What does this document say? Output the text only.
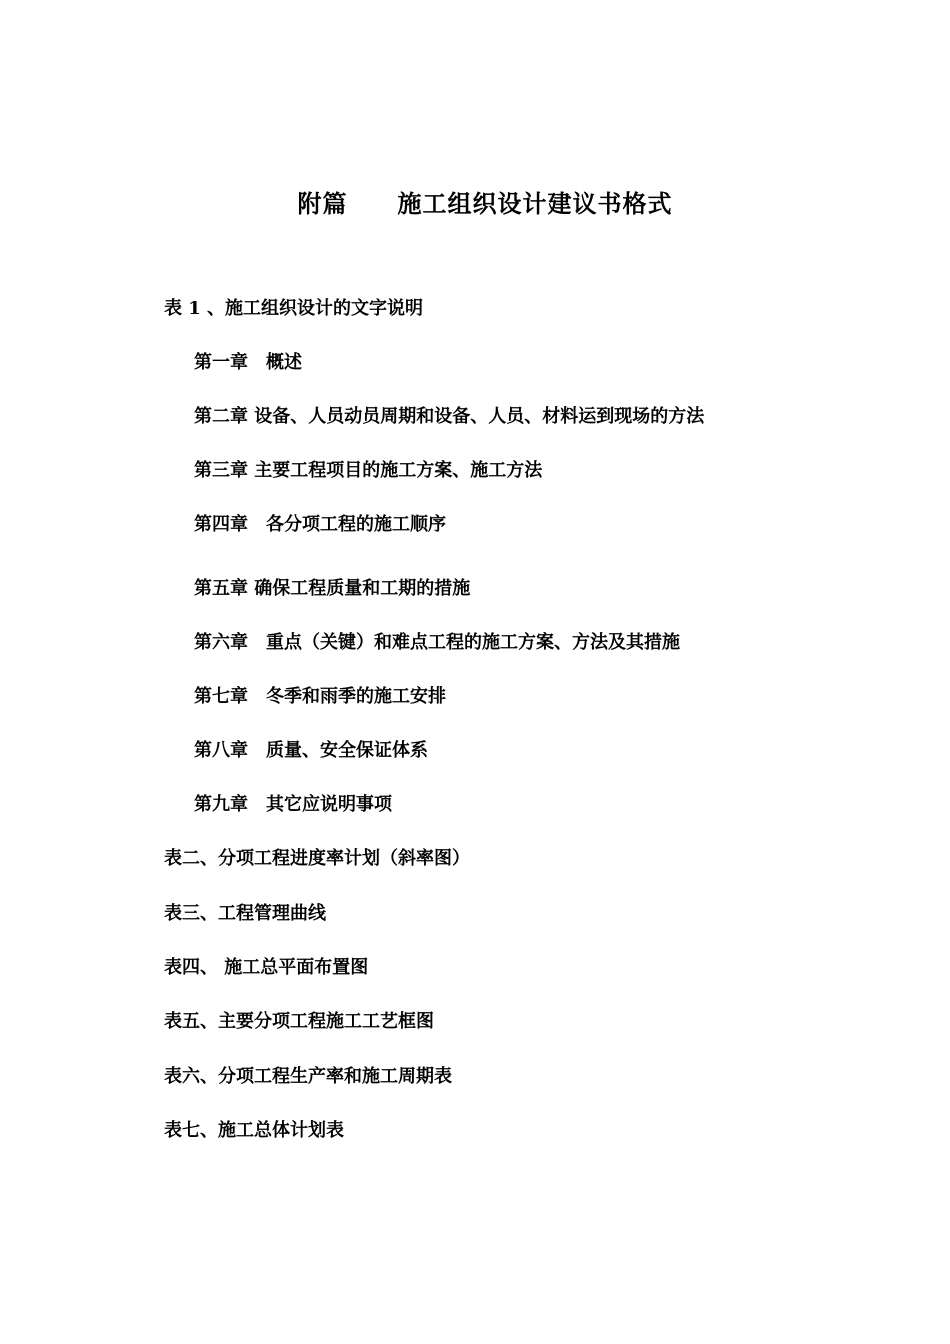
附篇　　施工组织设计建议书格式
表 1 、施工组织设计的文字说明
第一章　概述
第二章 设备、人员动员周期和设备、人员、材料运到现场的方法
第三章 主要工程项目的施工方案、施工方法
第四章　各分项工程的施工顺序
第五章 确保工程质量和工期的措施
第六章　重点（关键）和难点工程的施工方案、方法及其措施
第七章　冬季和雨季的施工安排
第八章　质量、安全保证体系
第九章　其它应说明事项
表二、分项工程进度率计划（斜率图）
表三、工程管理曲线
表四、 施工总平面布置图
表五、主要分项工程施工工艺框图
表六、分项工程生产率和施工周期表
表七、施工总体计划表
